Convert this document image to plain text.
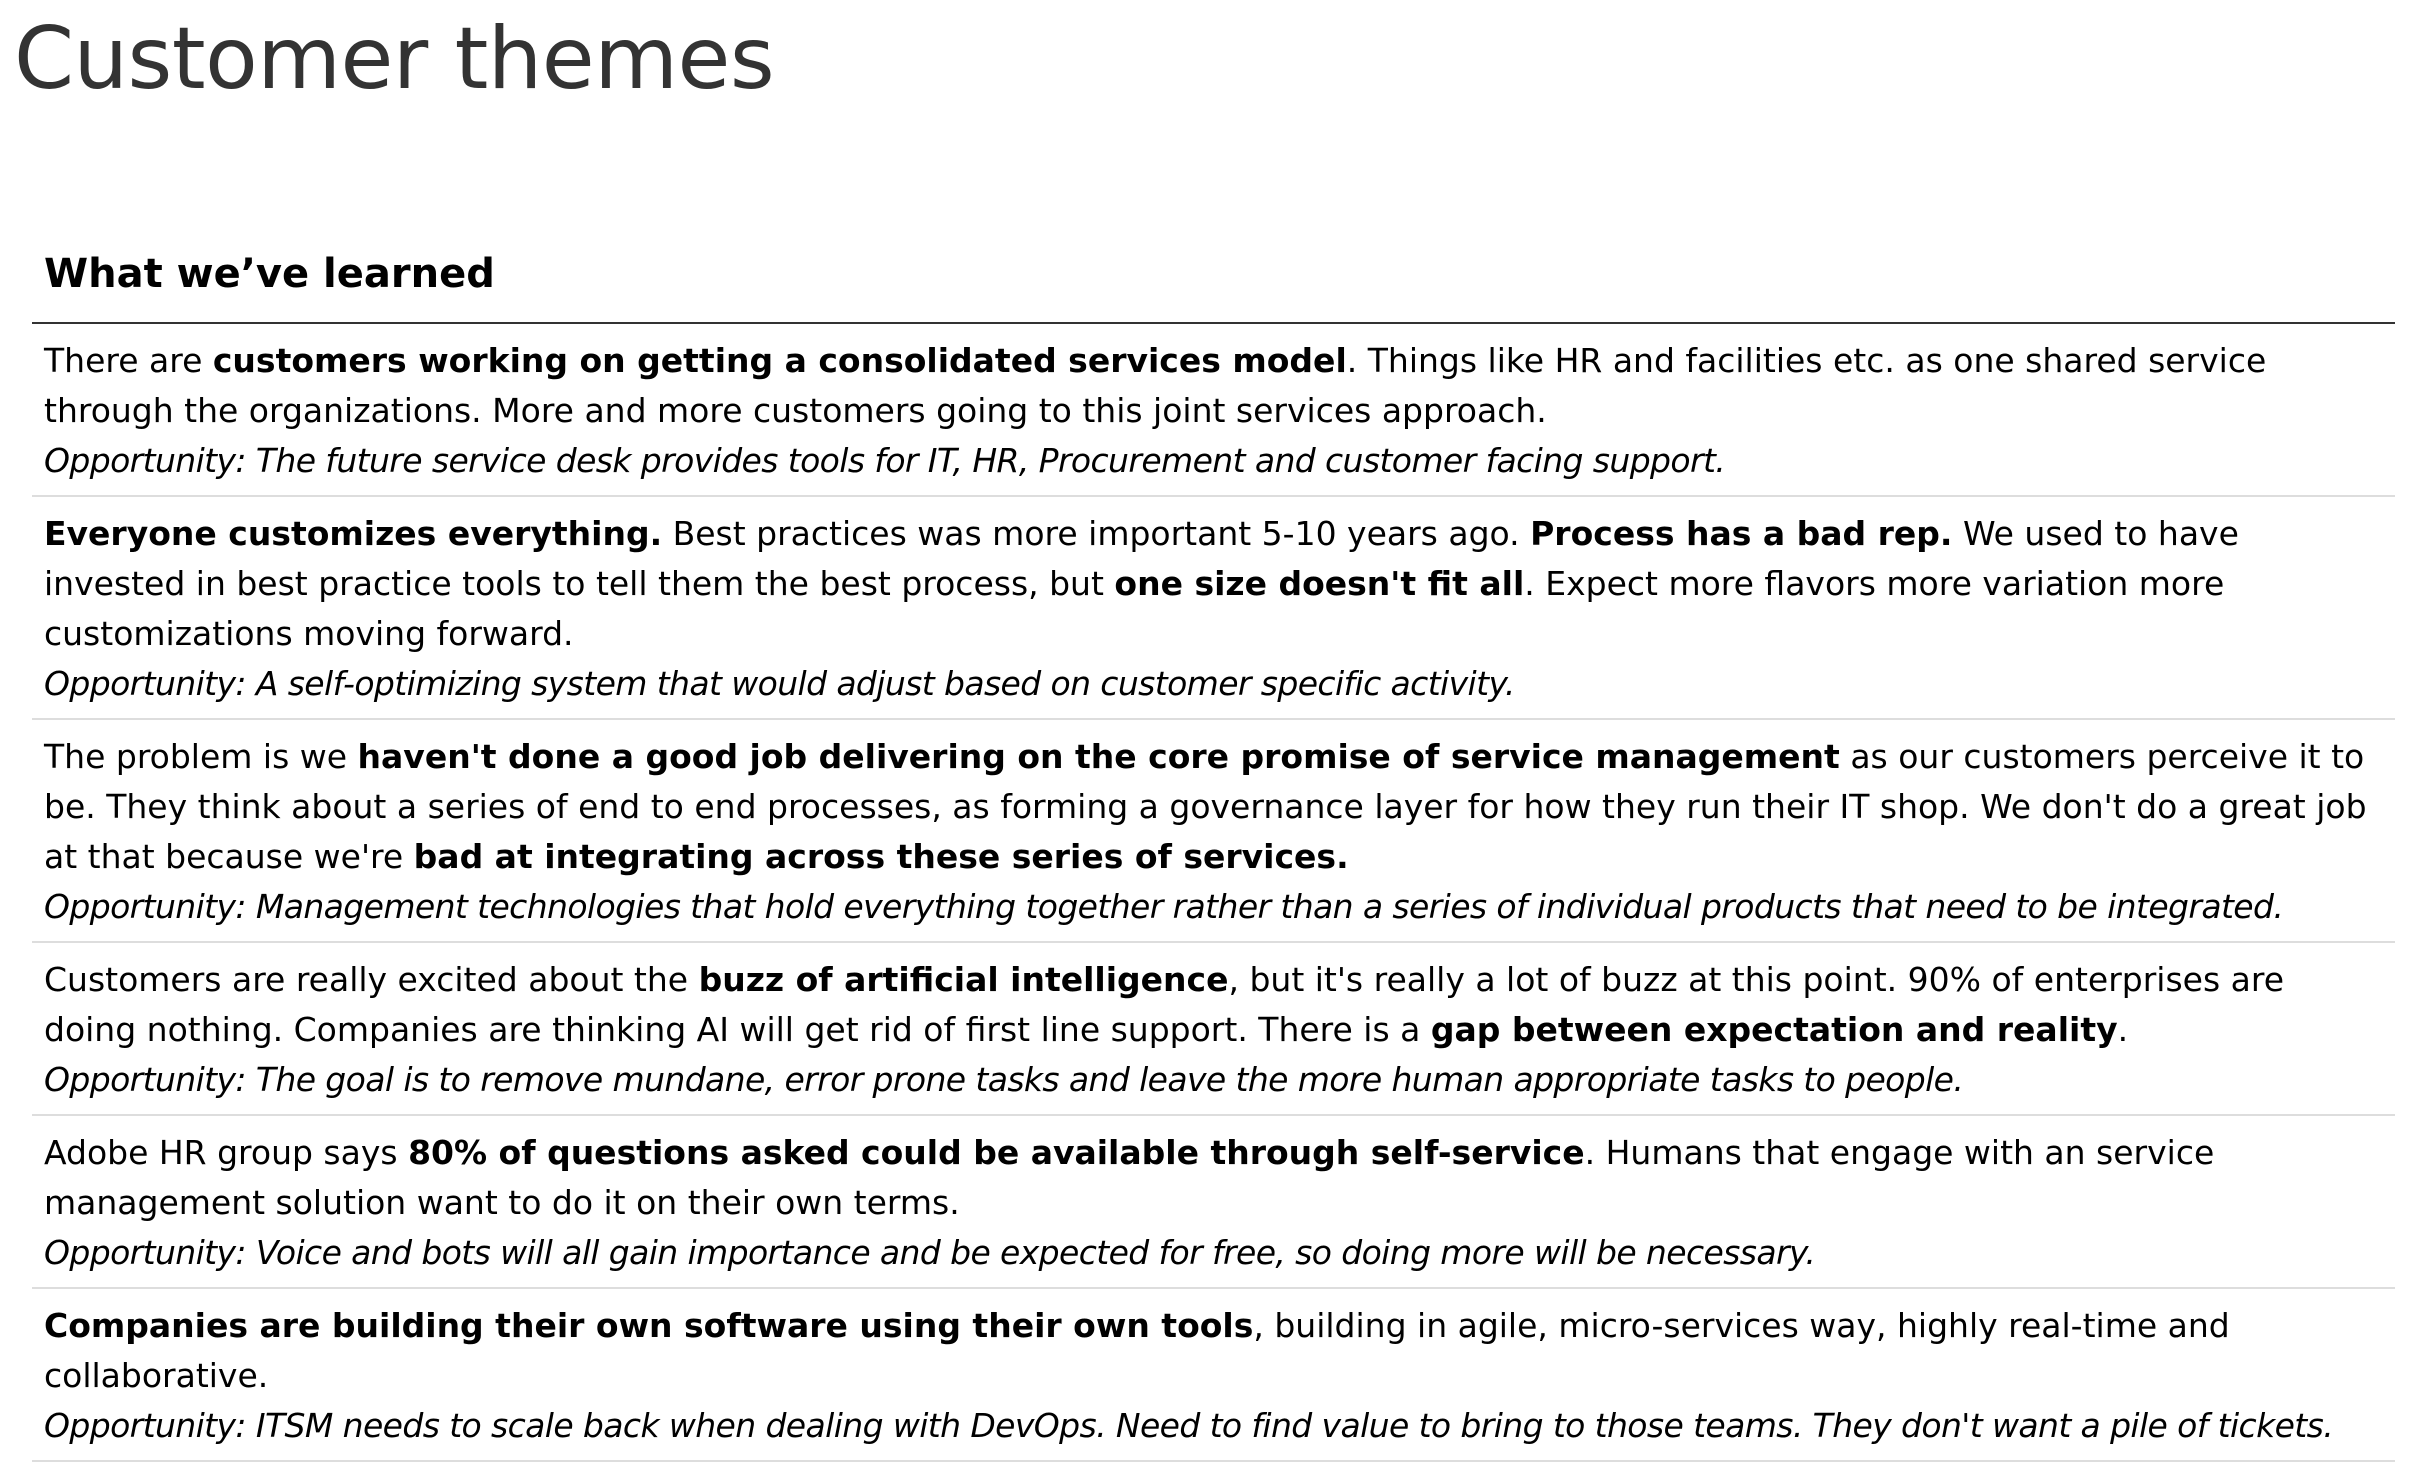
Customer themes
What we’ve learned
There are customers working on getting a consolidated services model. Things like HR and facilities etc. as one shared service through the organizations. More and more customers going to this joint services approach.
Opportunity: The future service desk provides tools for IT, HR, Procurement and customer facing support.

Everyone customizes everything. Best practices was more important 5-10 years ago. Process has a bad rep. We used to have invested in best practice tools to tell them the best process, but one size doesn't fit all. Expect more flavors more variation more customizations moving forward.
Opportunity: A self-optimizing system that would adjust based on customer specific activity.

The problem is we haven't done a good job delivering on the core promise of service management as our customers perceive it to be. They think about a series of end to end processes, as forming a governance layer for how they run their IT shop. We don't do a great job at that because we're bad at integrating across these series of services.
Opportunity: Management technologies that hold everything together rather than a series of individual products that need to be integrated.

Customers are really excited about the buzz of artificial intelligence, but it's really a lot of buzz at this point. 90% of enterprises are doing nothing. Companies are thinking AI will get rid of first line support. There is a gap between expectation and reality.
Opportunity: The goal is to remove mundane, error prone tasks and leave the more human appropriate tasks to people.

Adobe HR group says 80% of questions asked could be available through self-service. Humans that engage with an service management solution want to do it on their own terms.
Opportunity: Voice and bots will all gain importance and be expected for free, so doing more will be necessary.

Companies are building their own software using their own tools, building in agile, micro-services way, highly real-time and collaborative.
Opportunity: ITSM needs to scale back when dealing with DevOps. Need to find value to bring to those teams. They don't want a pile of tickets.
